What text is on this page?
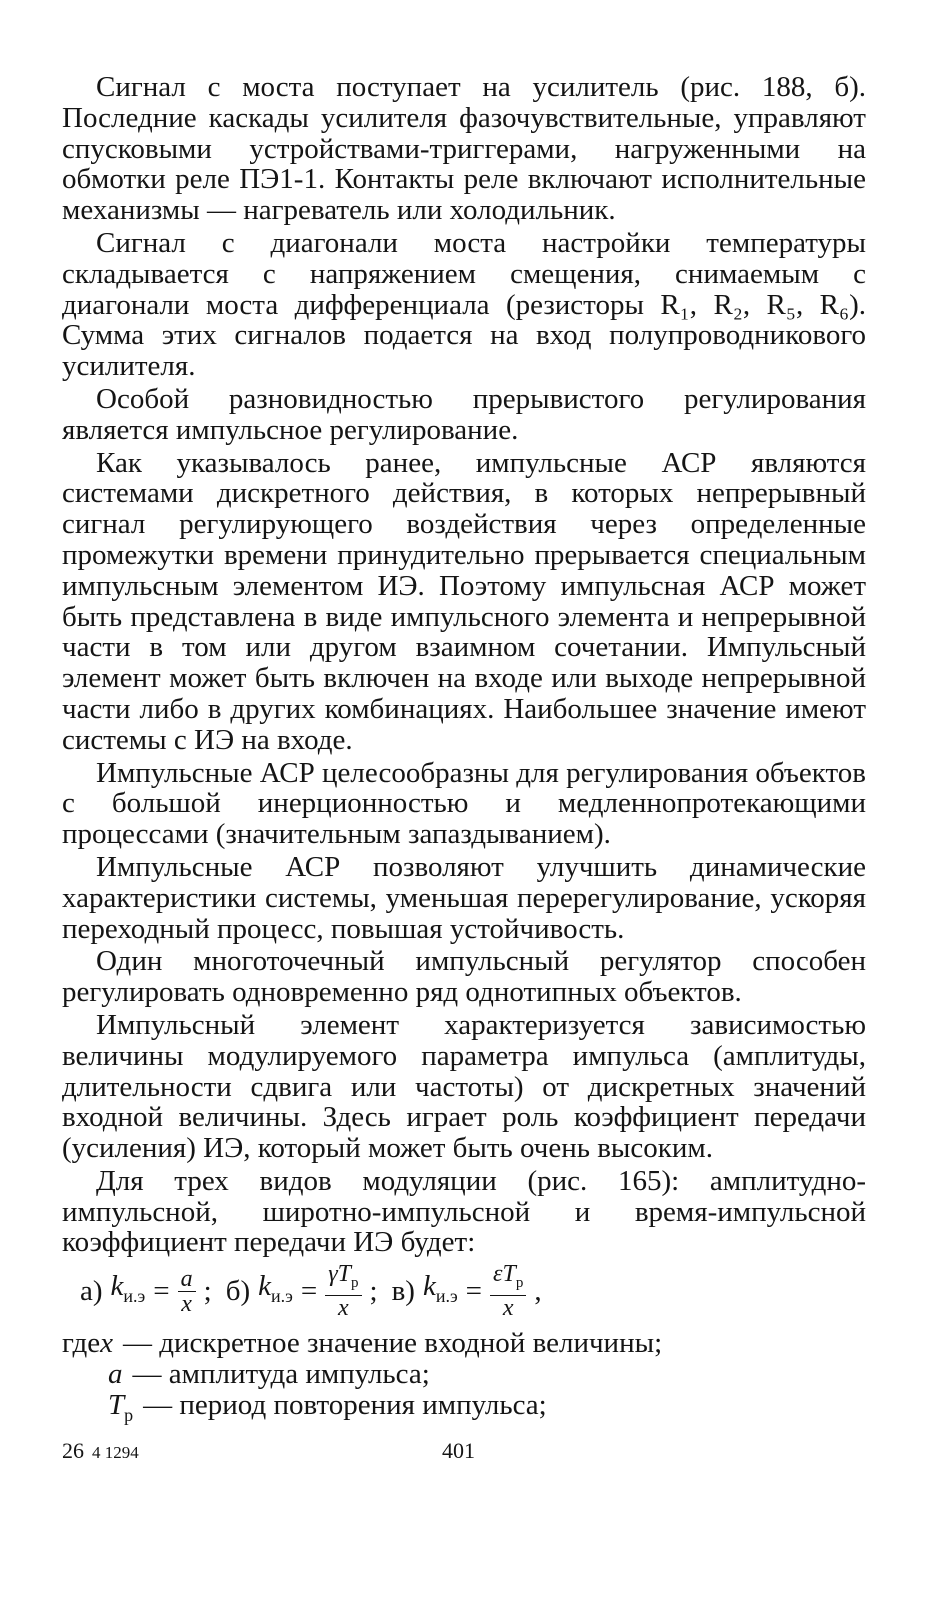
Сигнал с моста поступает на усилитель (рис. 188, б). Последние каскады усилителя фазочувствительные, управляют спусковыми устройствами-триггерами, нагруженными на обмотки реле ПЭ1-1. Контакты реле включают исполнительные механизмы — нагреватель или холодильник.

Сигнал с диагонали моста настройки температуры складывается с напряжением смещения, снимаемым с диагонали моста дифференциала (резисторы R₁, R₂, R₅, R₆). Сумма этих сигналов подается на вход полупроводникового усилителя.

Особой разновидностью прерывистого регулирования является импульсное регулирование.

Как указывалось ранее, импульсные АСР являются системами дискретного действия, в которых непрерывный сигнал регулирующего воздействия через определенные промежутки времени принудительно прерывается специальным импульсным элементом ИЭ. Поэтому импульсная АСР может быть представлена в виде импульсного элемента и непрерывной части в том или другом взаимном сочетании. Импульсный элемент может быть включен на входе или выходе непрерывной части либо в других комбинациях. Наибольшее значение имеют системы с ИЭ на входе.

Импульсные АСР целесообразны для регулирования объектов с большой инерционностью и медленнопротекающими процессами (значительным запаздыванием).

Импульсные АСР позволяют улучшить динамические характеристики системы, уменьшая перерегулирование, ускоряя переходный процесс, повышая устойчивость.

Один многоточечный импульсный регулятор способен регулировать одновременно ряд однотипных объектов.

Импульсный элемент характеризуется зависимостью величины модулируемого параметра импульса (амплитуды, длительности сдвига или частоты) от дискретных значений входной величины. Здесь играет роль коэффициент передачи (усиления) ИЭ, который может быть очень высоким.

Для трех видов модуляции (рис. 165): амплитудно-импульсной, широтно-импульсной и время-импульсной коэффициент передачи ИЭ будет:

а) $k_{и.э} = \frac{a}{x}$ ; б) $k_{и.э} = \frac{\gamma T_р}{x}$ ; в) $k_{и.э} = \frac{\varepsilon T_р}{x}$ ,
гдеx — дискретное значение входной величины;
a — амплитуда импульса;
$T_р$ — период повторения импульса;
26 4 1294	401
